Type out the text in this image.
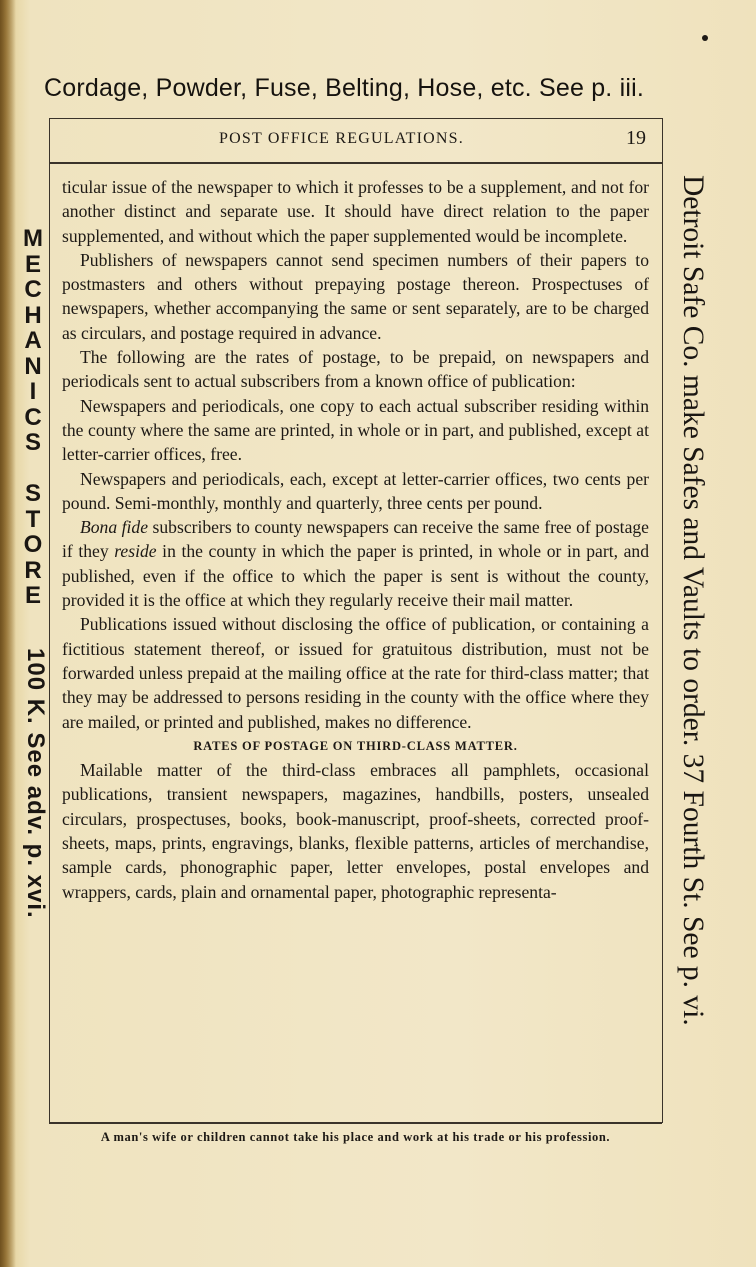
Cordage, Powder, Fuse, Belting, Hose, etc. See p. iii.
POST OFFICE REGULATIONS.	19

ticular issue of the newspaper to which it professes to be a supplement, and not for another distinct and separate use. It should have direct relation to the paper supplemented, and without which the paper supplemented would be incomplete.

Publishers of newspapers cannot send specimen numbers of their papers to postmasters and others without prepaying postage thereon. Prospectuses of newspapers, whether accompanying the same or sent separately, are to be charged as circulars, and postage required in advance.

The following are the rates of postage, to be prepaid, on newspapers and periodicals sent to actual subscribers from a known office of publication:

Newspapers and periodicals, one copy to each actual subscriber residing within the county where the same are printed, in whole or in part, and published, except at letter-carrier offices, free.

Newspapers and periodicals, each, except at letter-carrier offices, two cents per pound. Semi-monthly, monthly and quarterly, three cents per pound.

Bona fide subscribers to county newspapers can receive the same free of postage if they reside in the county in which the paper is printed, in whole or in part, and published, even if the office to which the paper is sent is without the county, provided it is the office at which they regularly receive their mail matter.

Publications issued without disclosing the office of publication, or containing a fictitious statement thereof, or issued for gratuitous distribution, must not be forwarded unless prepaid at the mailing office at the rate for third-class matter; that they may be addressed to persons residing in the county with the office where they are mailed, or printed and published, makes no difference.

RATES OF POSTAGE ON THIRD-CLASS MATTER.

Mailable matter of the third-class embraces all pamphlets, occasional publications, transient newspapers, magazines, handbills, posters, unsealed circulars, prospectuses, books, book-manuscript, proof-sheets, corrected proof-sheets, maps, prints, engravings, blanks, flexible patterns, articles of merchandise, sample cards, phonographic paper, letter envelopes, postal envelopes and wrappers, cards, plain and ornamental paper, photographic representa-

A man's wife or children cannot take his place and work at his trade or his profession.
M
E
C
H
A
N
I
C
S
S
T
O
R
E
100 K. See adv. p. xvi.	Detroit Safe Co. make Safes and Vaults to order. 37 Fourth St. See p. vi.
